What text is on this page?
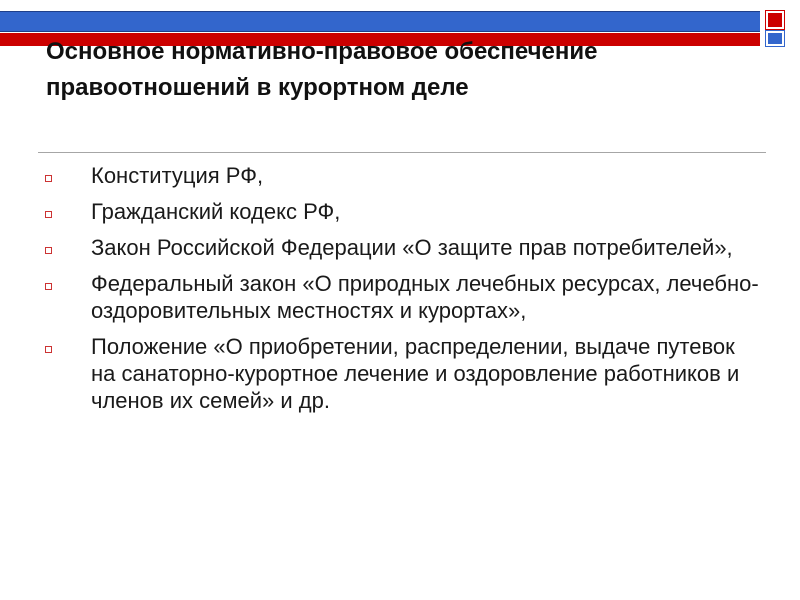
Основное нормативно-правовое обеспечение правоотношений в курортном деле
Конституция РФ,
Гражданский кодекс РФ,
Закон Российской Федерации «О защите прав потребителей»,
Федеральный закон «О природных лечебных ресурсах, лечебно-оздоровительных местностях и курортах»,
Положение «О приобретении, распределении, выдаче путевок на санаторно-курортное лечение и оздоровление работников и членов их семей» и др.
